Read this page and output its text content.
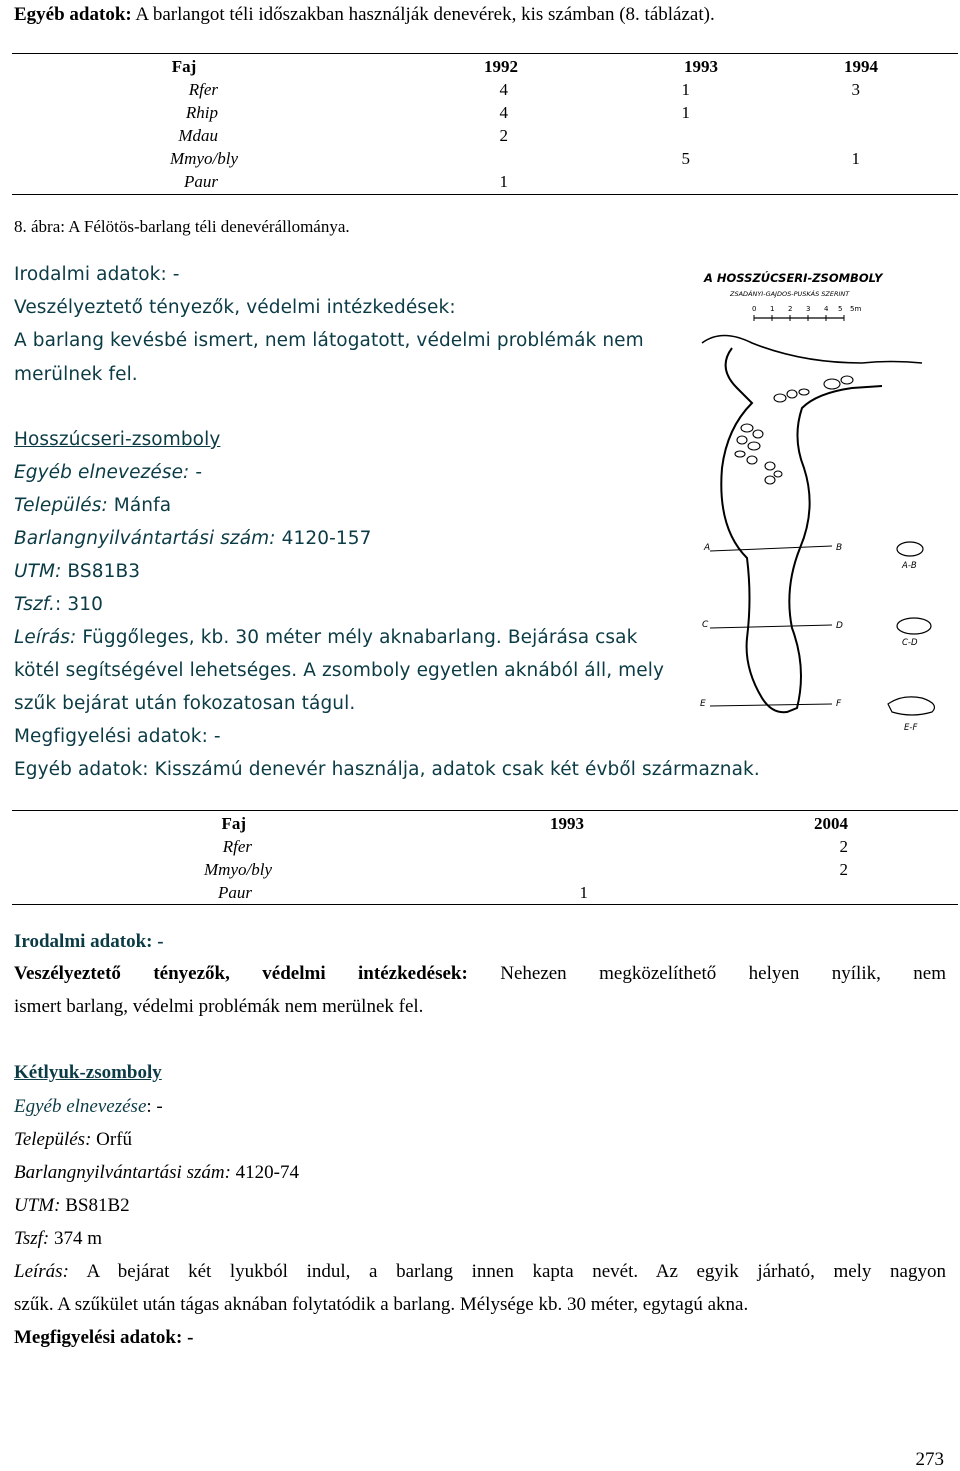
Egyéb adatok: A barlangot téli időszakban használják denevérek, kis számban (8. táblázat).
Faj	1992	1993	1994
Rfer	4	1	3
Rhip	4	1	
Mdau	2		
Mmyo/bly		5	1
Paur	1		
8. ábra: A Félötös-barlang téli denevérállománya.
Irodalmi adatok: -
Veszélyeztető tényezők, védelmi intézkedések:
A barlang kevésbé ismert, nem látogatott, védelmi problémák nem
merülnek fel.
Hosszúcseri-zsomboly
Egyéb elnevezése: -
Település: Mánfa
Barlangnyilvántartási szám: 4120-157
UTM: BS81B3
Tszf.: 310
Leírás: Függőleges, kb. 30 méter mély aknabarlang. Bejárása csak
kötél segítségével lehetséges. A zsomboly egyetlen aknából áll, mely
szűk bejárat után fokozatosan tágul.
Megfigyelési adatok: -
Egyéb adatok: Kisszámú denevér használja, adatok csak két évből származnak.
A HOSSZÚCSERI-ZSOMBOLY
ZSADÁNYI-GAJDOS-PUSKÁS SZERINT
0 1 2 3 4 5 5m
A	B
A-B
C	D
C-D
E	F
E-F
Faj	1993	2004
Rfer		2
Mmyo/bly		2
Paur	1	
Irodalmi adatok: -
Veszélyeztető tényezők, védelmi intézkedések: Nehezen megközelíthető helyen nyílik, nem
ismert barlang, védelmi problémák nem merülnek fel.
Kétlyuk-zsomboly
Egyéb elnevezése: -
Település: Orfű
Barlangnyilvántartási szám: 4120-74
UTM: BS81B2
Tszf: 374 m
Leírás: A bejárat két lyukból indul, a barlang innen kapta nevét. Az egyik járható, mely nagyon
szűk. A szűkület után tágas aknában folytatódik a barlang. Mélysége kb. 30 méter, egytagú akna.
Megfigyelési adatok: -
273
